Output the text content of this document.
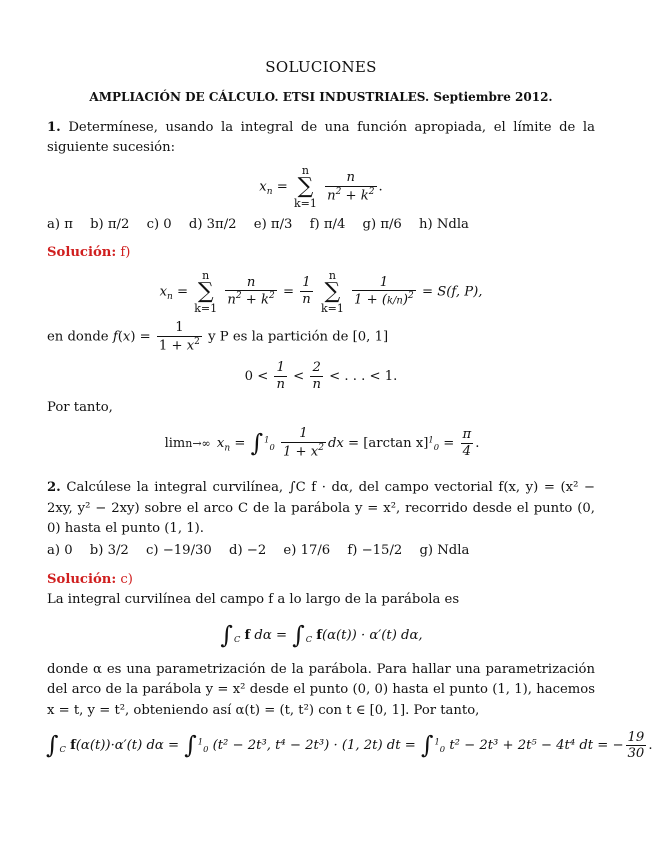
SOLUCIONES
AMPLIACIÓN DE CÁLCULO. ETSI INDUSTRIALES. Septiembre 2012.

1. Determínese, usando la integral de una función apropiada, el límite de la siguiente sucesión:

$x_n = n$
∑
$k=1 \frac{n}{n^2 + k^2}$ .
a) π b) π/2 c) 0 d) 3π/2 e) π/3 f) π/4 g) π/6 h) Ndla
Solución: f)
$x_n = n$
∑
$k=1 \frac{n}{n^2 + k^2} = \frac{1}{n}$
n
∑
$k=1 \frac{1}{1 + (k/n)^2} = S(f$, P),

en donde $f(x) = \frac{1}{1 + x^2}$ y P es la partición de [0, 1]

$0 < \frac{1}{n} < \frac{2}{n}$ < . . . < 1.

Por tanto,

limn→∞ $x_n = \int^1_0 \frac{1}{1 + x^2}$ dx = [arctan $x]^1_0 = \frac{\pi}{4}$ .

2. Calcúlese la integral curvilínea, ∫C f · dα, del campo vectorial f(x, y) = (x² − 2xy, y² − 2xy) sobre el arco C de la parábola y = x², recorrido desde el punto (0, 0) hasta el punto (1, 1).

a) 0 b) 3/2 c) −19/30 d) −2 e) 17/6 f) −15/2 g) Ndla
Solución: c)

La integral curvilínea del campo f a lo largo de la parábola es

$\int_C$ f $d\alpha = \int_C$ f(α(t)) · α′(t) dα,

donde α es una parametrización de la parábola. Para hallar una parametrización del arco de la parábola y = x² desde el punto (0, 0) hasta el punto (1, 1), hacemos x = t, y = t², obteniendo así α(t) = (t, t²) con t ∈ [0, 1]. Por tanto,

$\int_C$ f(α(t))·α′(t) dα = ∫$^1_0$ (t² − 2t³, t⁴ − 2t³) · (1, 2t) dt = ∫$^1_0$ t² − 2t³ + 2t⁵ − 4t⁴ dt = − $\frac{19}{30}$ .
